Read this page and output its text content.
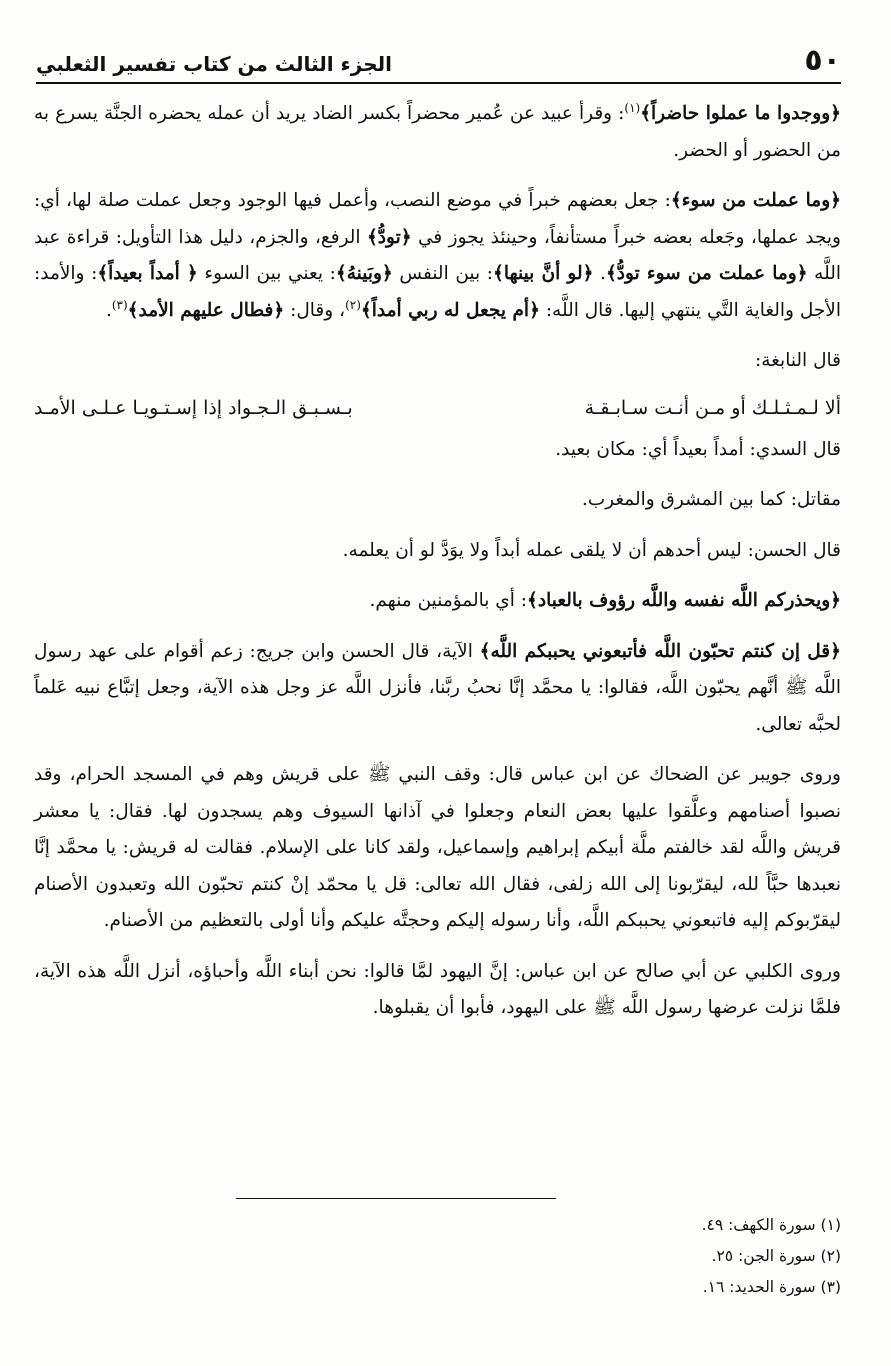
٥٠
الجزء الثالث من كتاب تفسير الثعلبي

﴿ووجدوا ما عملوا حاضراً﴾$^{(١)}$: وقرأ عبيد عن عُمير محضراً بكسر الضاد يريد أن عمله يحضره الجنَّة يسرع به من الحضور أو الحضر.

﴿وما عملت من سوء﴾: جعل بعضهم خبراً في موضع النصب، وأعمل فيها الوجود وجعل عملت صلة لها، أي: ويجد عملها، وجَعله بعضه خبراً مستأنفاً، وحينئذ يجوز في ﴿تودُّ﴾ الرفع، والجزم، دليل هذا التأويل: قراءة عبد اللَّه ﴿وما عملت من سوء تودُّ﴾. ﴿لو أنَّ بينها﴾: بين النفس ﴿وبَينهُ﴾: يعني بين السوء ﴿ أمداً بعيداً﴾: والأمد: الأجل والغاية التَّي ينتهي إليها. قال اللَّه: ﴿أم يجعل له ربي أمداً﴾$^{(٢)}$، وقال: ﴿فطال عليهم الأمد﴾$^{(٣)}$.

قال النابغة:

ألا لـمـثـلـك أو مـن أنـت سـابـقـة
بـسـبـق الـجـواد إذا إسـتـويـا عـلـى الأمـد

قال السدي: أمداً بعيداً أي: مكان بعيد.

مقاتل: كما بين المشرق والمغرب.

قال الحسن: ليس أحدهم أن لا يلقى عمله أبداً ولا يوَدَّ لو أن يعلمه.

﴿ويحذركم اللَّه نفسه واللَّه رؤوف بالعباد﴾: أي بالمؤمنين منهم.

﴿قل إن كنتم تحبّون اللَّه فأتبعوني يحببكم اللَّه﴾ الآية، قال الحسن وابن جريج: زعم أقوام على عهد رسول اللَّه ﷺ أنَّهم يحبّون اللَّه، فقالوا: يا محمَّد إنَّا نحبُ ربَّنا، فأنزل اللَّه عز وجل هذه الآية، وجعل إتبَّاع نبيه عَلماً لحبَّه تعالى.

وروى جويبر عن الضحاك عن ابن عباس قال: وقف النبي ﷺ على قريش وهم في المسجد الحرام، وقد نصبوا أصنامهم وعلَّقوا عليها بعض النعام وجعلوا في آذانها السيوف وهم يسجدون لها. فقال: يا معشر قريش واللَّه لقد خالفتم ملَّة أبيكم إبراهيم وإسماعيل، ولقد كانا على الإسلام. فقالت له قريش: يا محمَّد إنَّا نعبدها حبَّاً لله، ليقرّبونا إلى الله زلفى، فقال الله تعالى: قل يا محمّد إنْ كنتم تحبّون الله وتعبدون الأصنام ليقرّبوكم إليه فاتبعوني يحببكم اللَّه، وأنا رسوله إليكم وحجتَّه عليكم وأنا أولى بالتعظيم من الأصنام.

وروى الكلبي عن أبي صالح عن ابن عباس: إنَّ اليهود لمَّا قالوا: نحن أبناء اللَّه وأحباؤه، أنزل اللَّه هذه الآية، فلمَّا نزلت عرضها رسول اللَّه ﷺ على اليهود، فأبوا أن يقبلوها.

(١) سورة الكهف: ٤٩.
(٢) سورة الجن: ٢٥.
(٣) سورة الحديد: ١٦.
